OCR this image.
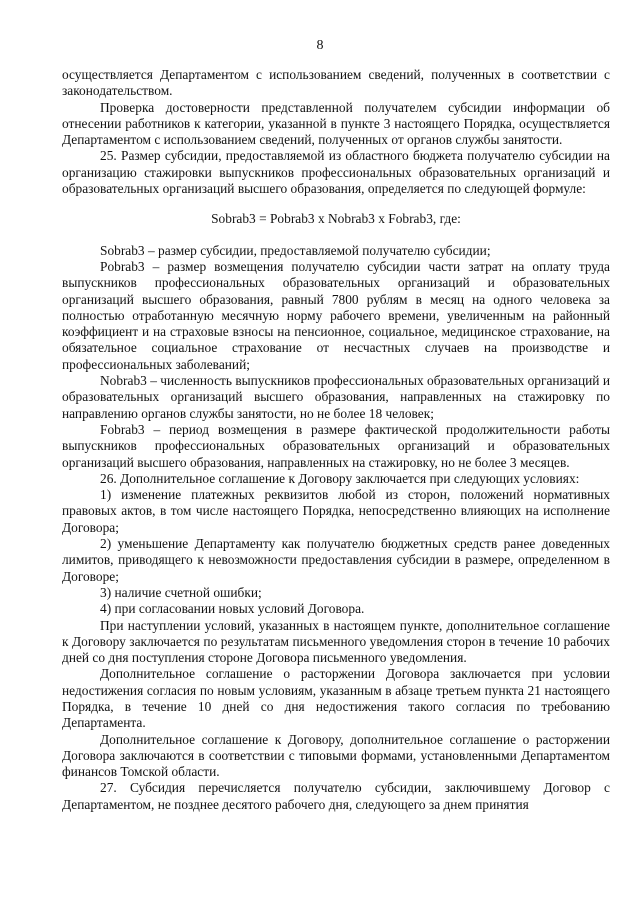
8

осуществляется Департаментом с использованием сведений, полученных в соответствии с законодательством.

Проверка достоверности представленной получателем субсидии информации об отнесении работников к категории, указанной в пункте 3 настоящего Порядка, осуществляется Департаментом с использованием сведений, полученных от органов службы занятости.

25. Размер субсидии, предоставляемой из областного бюджета получателю субсидии на организацию стажировки выпускников профессиональных образовательных организаций и образовательных организаций высшего образования, определяется по следующей формуле:

Sobrab3 = Pobrab3 x Nobrab3 x Fobrab3, где:

Sobrab3 – размер субсидии, предоставляемой получателю субсидии;

Pobrab3 – размер возмещения получателю субсидии части затрат на оплату труда выпускников профессиональных образовательных организаций и образовательных организаций высшего образования, равный 7800 рублям в месяц на одного человека за полностью отработанную месячную норму рабочего времени, увеличенным на районный коэффициент и на страховые взносы на пенсионное, социальное, медицинское страхование, на обязательное социальное страхование от несчастных случаев на производстве и профессиональных заболеваний;

Nobrab3 – численность выпускников профессиональных образовательных организаций и образовательных организаций высшего образования, направленных на стажировку по направлению органов службы занятости, но не более 18 человек;

Fobrab3 – период возмещения в размере фактической продолжительности работы выпускников профессиональных образовательных организаций и образовательных организаций высшего образования, направленных на стажировку, но не более 3 месяцев.

26. Дополнительное соглашение к Договору заключается при следующих условиях:

1) изменение платежных реквизитов любой из сторон, положений нормативных правовых актов, в том числе настоящего Порядка, непосредственно влияющих на исполнение Договора;

2) уменьшение Департаменту как получателю бюджетных средств ранее доведенных лимитов, приводящего к невозможности предоставления субсидии в размере, определенном в Договоре;

3) наличие счетной ошибки;

4) при согласовании новых условий Договора.

При наступлении условий, указанных в настоящем пункте, дополнительное соглашение к Договору заключается по результатам письменного уведомления сторон в течение 10 рабочих дней со дня поступления стороне Договора письменного уведомления.

Дополнительное соглашение о расторжении Договора заключается при условии недостижения согласия по новым условиям, указанным в абзаце третьем пункта 21 настоящего Порядка, в течение 10 дней со дня недостижения такого согласия по требованию Департамента.

Дополнительное соглашение к Договору, дополнительное соглашение о расторжении Договора заключаются в соответствии с типовыми формами, установленными Департаментом финансов Томской области.

27. Субсидия перечисляется получателю субсидии, заключившему Договор с Департаментом, не позднее десятого рабочего дня, следующего за днем принятия
